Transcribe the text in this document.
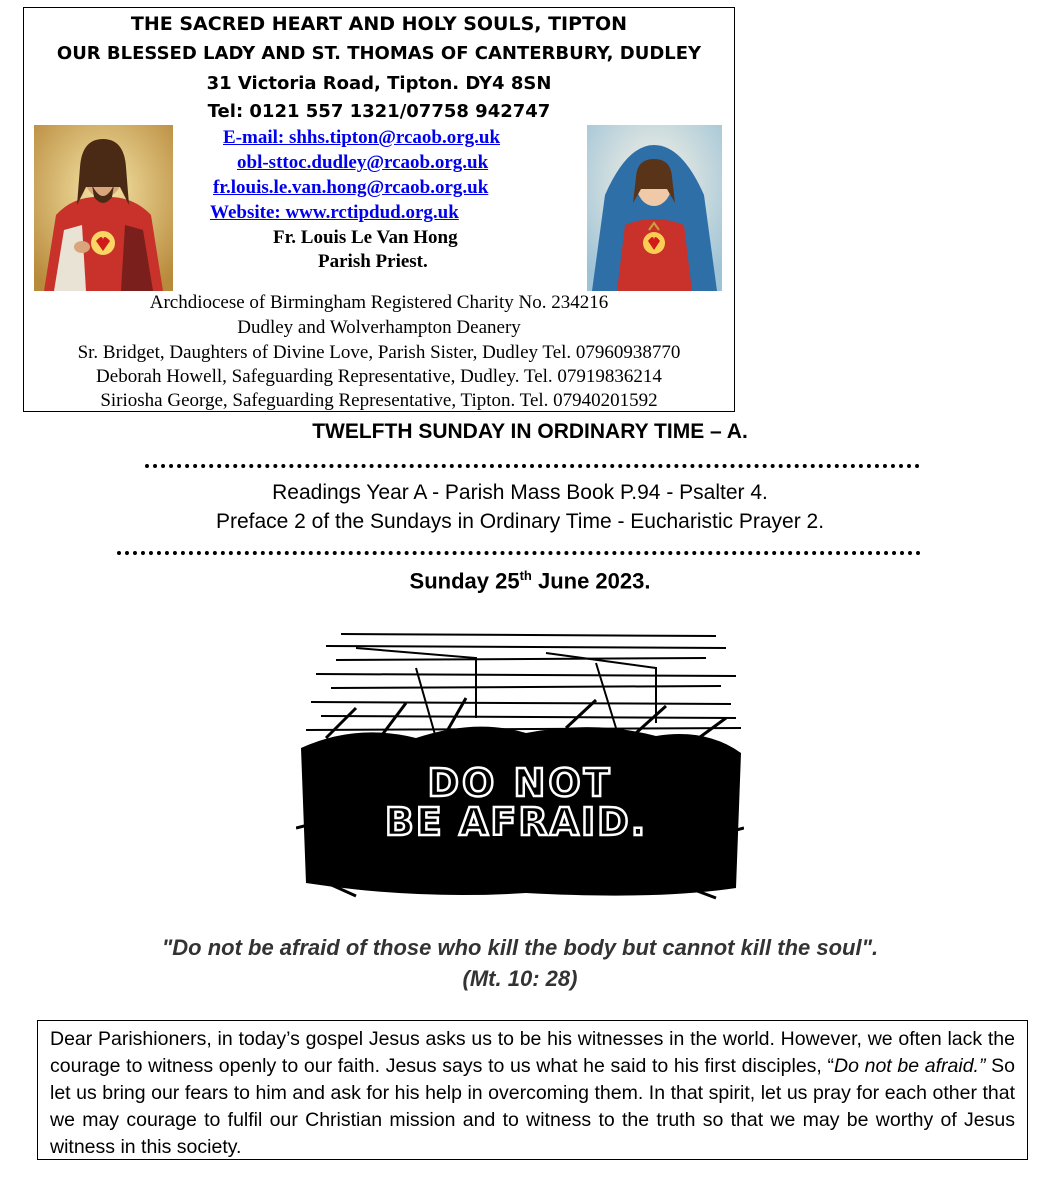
THE SACRED HEART AND HOLY SOULS, TIPTON
OUR BLESSED LADY AND ST. THOMAS OF CANTERBURY, DUDLEY
31 Victoria Road, Tipton. DY4 8SN
Tel: 0121 557 1321/07758 942747
E-mail: shhs.tipton@rcaob.org.uk
obl-sttoc.dudley@rcaob.org.uk
fr.louis.le.van.hong@rcaob.org.uk
Website: www.rctipdud.org.uk
Fr. Louis Le Van Hong
Parish Priest.
Archdiocese of Birmingham Registered Charity No. 234216
Dudley and Wolverhampton Deanery
Sr. Bridget, Daughters of Divine Love, Parish Sister, Dudley Tel. 07960938770
Deborah Howell, Safeguarding Representative, Dudley. Tel. 07919836214
Siriosha George, Safeguarding Representative, Tipton. Tel. 07940201592
TWELFTH SUNDAY IN ORDINARY TIME – A.
Readings Year A - Parish Mass Book P.94 - Psalter 4.
Preface 2 of the Sundays in Ordinary Time - Eucharistic Prayer 2.
Sunday 25th June 2023.
DO NOT
BE AFRAID.
"Do not be afraid of those who kill the body but cannot kill the soul".
(Mt. 10: 28)
Dear Parishioners, in today’s gospel Jesus asks us to be his witnesses in the world. However, we often lack the courage to witness openly to our faith. Jesus says to us what he said to his first disciples, “Do not be afraid.” So let us bring our fears to him and ask for his help in overcoming them. In that spirit, let us pray for each other that we may courage to fulfil our Christian mission and to witness to the truth so that we may be worthy of Jesus witness in this society.
